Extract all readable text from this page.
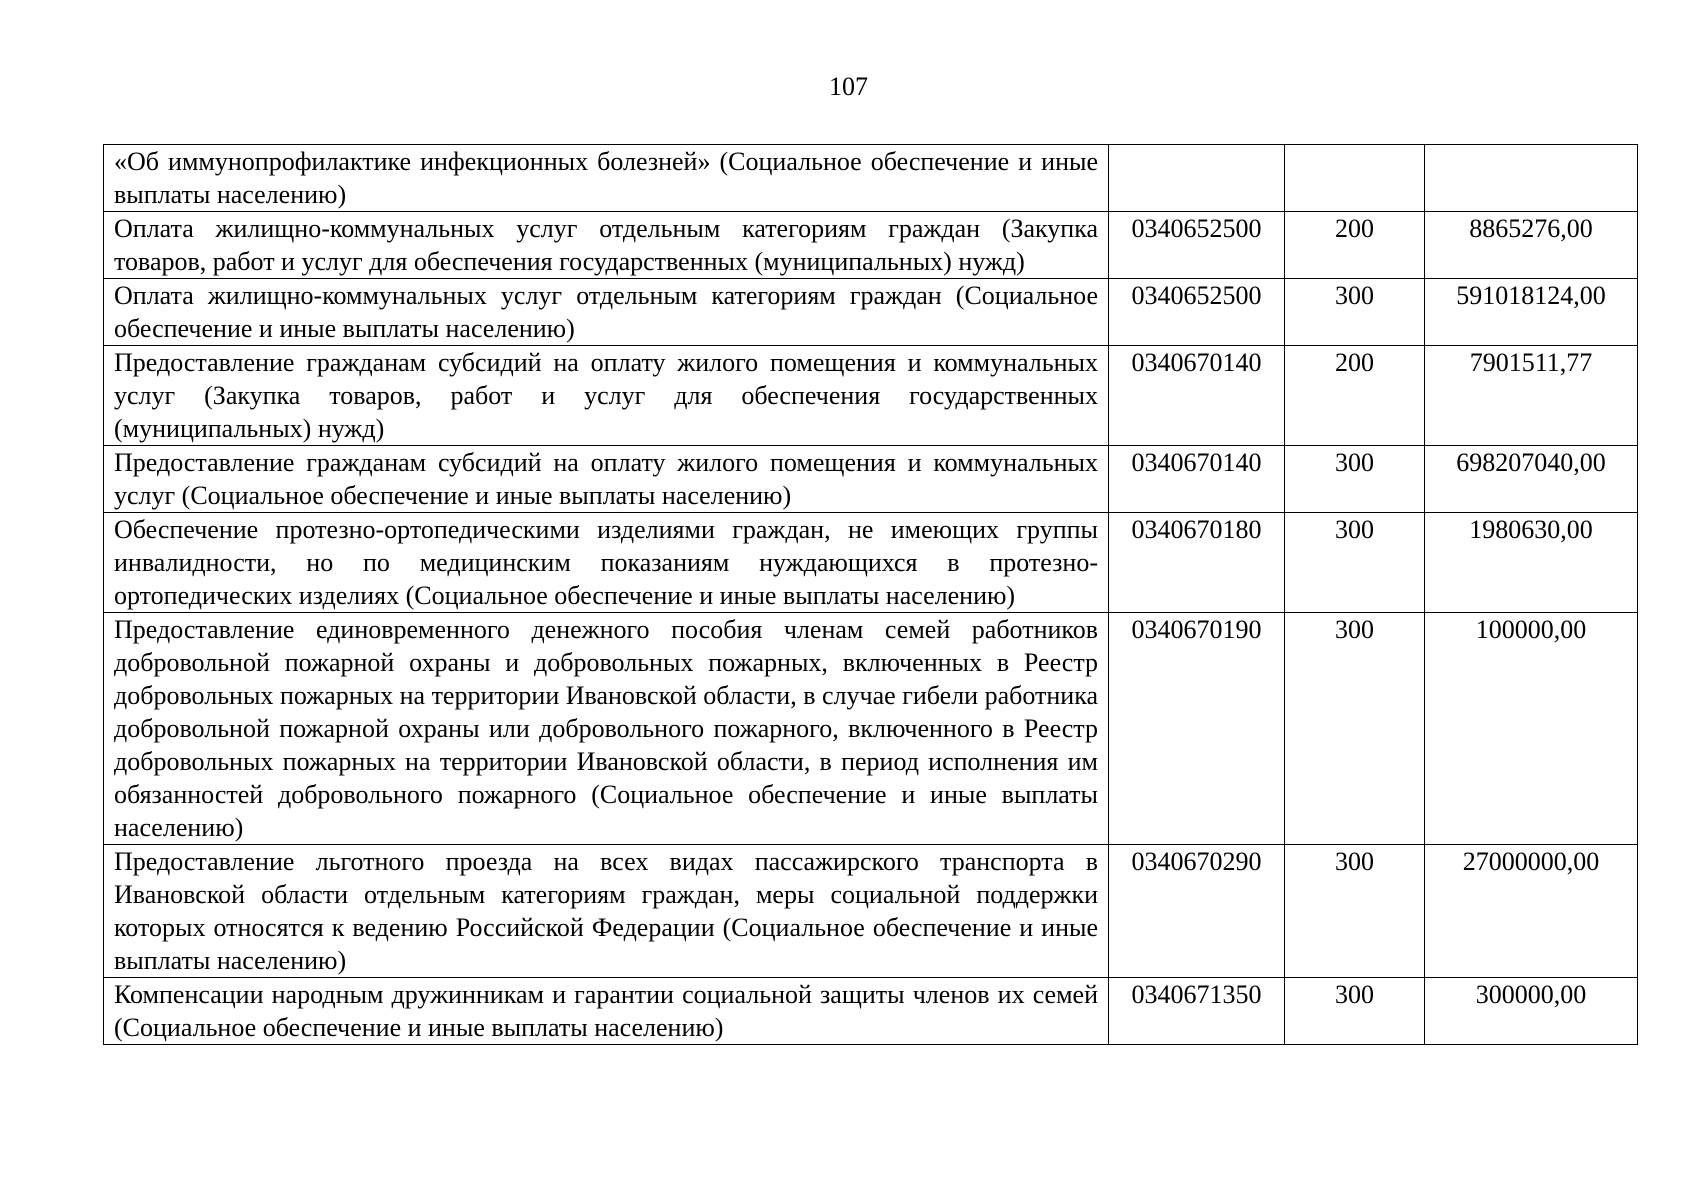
107
«Об иммунопрофилактике инфекционных болезней» (Социальное обеспечение и иные выплаты населению)			
Оплата жилищно-коммунальных услуг отдельным категориям граждан (Закупка товаров, работ и услуг для обеспечения государственных (муниципальных) нужд)	0340652500	200	8865276,00
Оплата жилищно-коммунальных услуг отдельным категориям граждан (Социальное обеспечение и иные выплаты населению)	0340652500	300	591018124,00
Предоставление гражданам субсидий на оплату жилого помещения и коммунальных услуг (Закупка товаров, работ и услуг для обеспечения государственных (муниципальных) нужд)	0340670140	200	7901511,77
Предоставление гражданам субсидий на оплату жилого помещения и коммунальных услуг (Социальное обеспечение и иные выплаты населению)	0340670140	300	698207040,00
Обеспечение протезно-ортопедическими изделиями граждан, не имеющих группы инвалидности, но по медицинским показаниям нуждающихся в протезно-ортопедических изделиях (Социальное обеспечение и иные выплаты населению)	0340670180	300	1980630,00
Предоставление единовременного денежного пособия членам семей работников добровольной пожарной охраны и добровольных пожарных, включенных в Реестр добровольных пожарных на территории Ивановской области, в случае гибели работника добровольной пожарной охраны или добровольного пожарного, включенного в Реестр добровольных пожарных на территории Ивановской области, в период исполнения им обязанностей добровольного пожарного (Социальное обеспечение и иные выплаты населению)	0340670190	300	100000,00
Предоставление льготного проезда на всех видах пассажирского транспорта в Ивановской области отдельным категориям граждан, меры социальной поддержки которых относятся к ведению Российской Федерации (Социальное обеспечение и иные выплаты населению)	0340670290	300	27000000,00
Компенсации народным дружинникам и гарантии социальной защиты членов их семей (Социальное обеспечение и иные выплаты населению)	0340671350	300	300000,00
